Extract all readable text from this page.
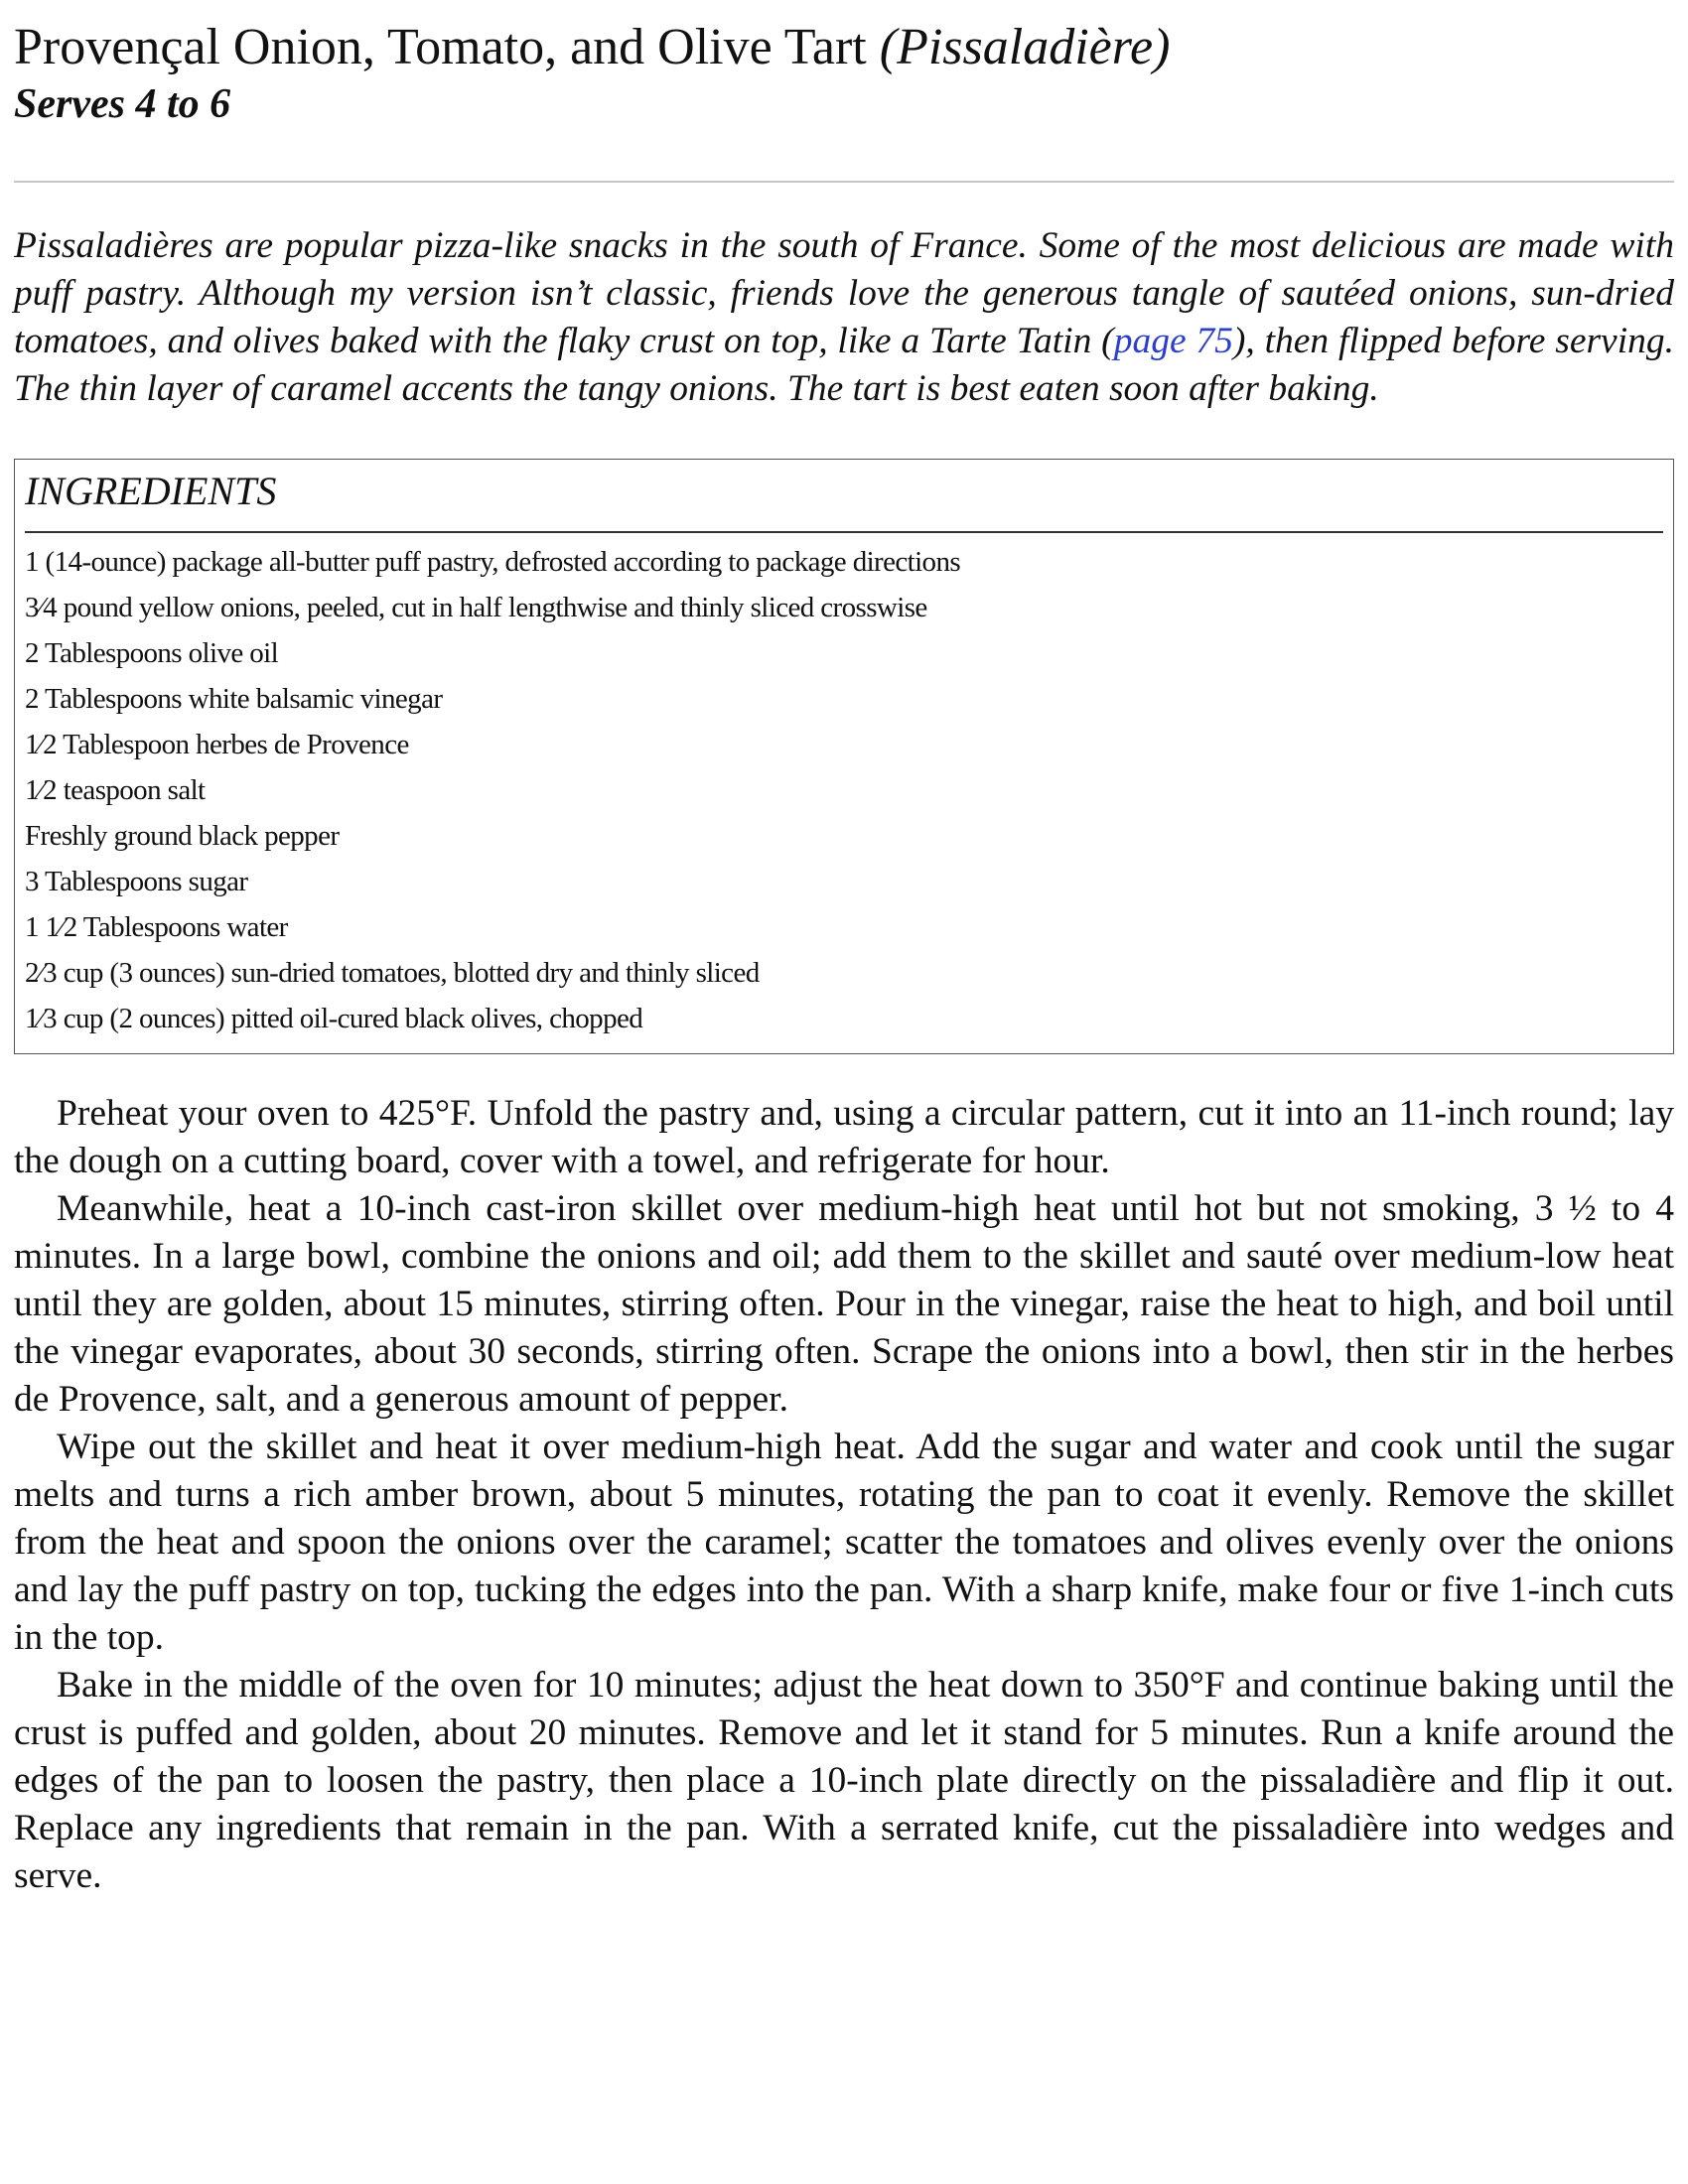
Provençal Onion, Tomato, and Olive Tart (Pissaladière)
Serves 4 to 6

Pissaladières are popular pizza-like snacks in the south of France. Some of the most delicious are made with puff pastry. Although my version isn’t classic, friends love the generous tangle of sautéed onions, sun-dried tomatoes, and olives baked with the flaky crust on top, like a Tarte Tatin (page 75), then flipped before serving. The thin layer of caramel accents the tangy onions. The tart is best eaten soon after baking.

INGREDIENTS
1 (14-ounce) package all-butter puff pastry, defrosted according to package directions
3⁄4 pound yellow onions, peeled, cut in half lengthwise and thinly sliced crosswise
2 Tablespoons olive oil
2 Tablespoons white balsamic vinegar
1⁄2 Tablespoon herbes de Provence
1⁄2 teaspoon salt
Freshly ground black pepper
3 Tablespoons sugar
1 1⁄2 Tablespoons water
2⁄3 cup (3 ounces) sun-dried tomatoes, blotted dry and thinly sliced
1⁄3 cup (2 ounces) pitted oil-cured black olives, chopped

Preheat your oven to 425°F. Unfold the pastry and, using a circular pattern, cut it into an 11-inch round; lay the dough on a cutting board, cover with a towel, and refrigerate for hour.

Meanwhile, heat a 10-inch cast-iron skillet over medium-high heat until hot but not smoking, 3 ½ to 4 minutes. In a large bowl, combine the onions and oil; add them to the skillet and sauté over medium-low heat until they are golden, about 15 minutes, stirring often. Pour in the vinegar, raise the heat to high, and boil until the vinegar evaporates, about 30 seconds, stirring often. Scrape the onions into a bowl, then stir in the herbes de Provence, salt, and a generous amount of pepper.

Wipe out the skillet and heat it over medium-high heat. Add the sugar and water and cook until the sugar melts and turns a rich amber brown, about 5 minutes, rotating the pan to coat it evenly. Remove the skillet from the heat and spoon the onions over the caramel; scatter the tomatoes and olives evenly over the onions and lay the puff pastry on top, tucking the edges into the pan. With a sharp knife, make four or five 1-inch cuts in the top.

Bake in the middle of the oven for 10 minutes; adjust the heat down to 350°F and continue baking until the crust is puffed and golden, about 20 minutes. Remove and let it stand for 5 minutes. Run a knife around the edges of the pan to loosen the pastry, then place a 10-inch plate directly on the pissaladière and flip it out. Replace any ingredients that remain in the pan. With a serrated knife, cut the pissaladière into wedges and serve.
